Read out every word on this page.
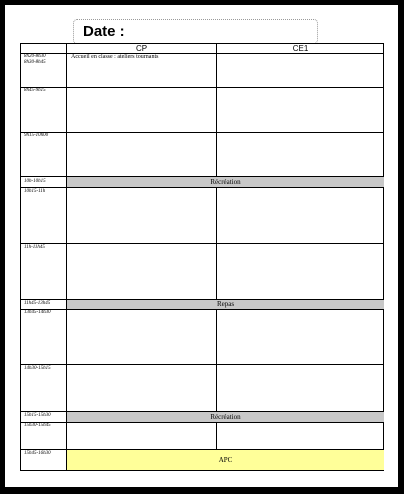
Date :
CP	CE1
Récréation
Repas
Récréation
APC
Accueil en classe : ateliers tournants
8h20-8h30
8h30-8h45
8h45-9h15
9h15-10h00
10h-10h15
10h15-11h
11h-11h45
11h45-13h45
13h45-14h30
14h30-15h15
15h15-15h30
15h30-15h45
15h45-16h30
